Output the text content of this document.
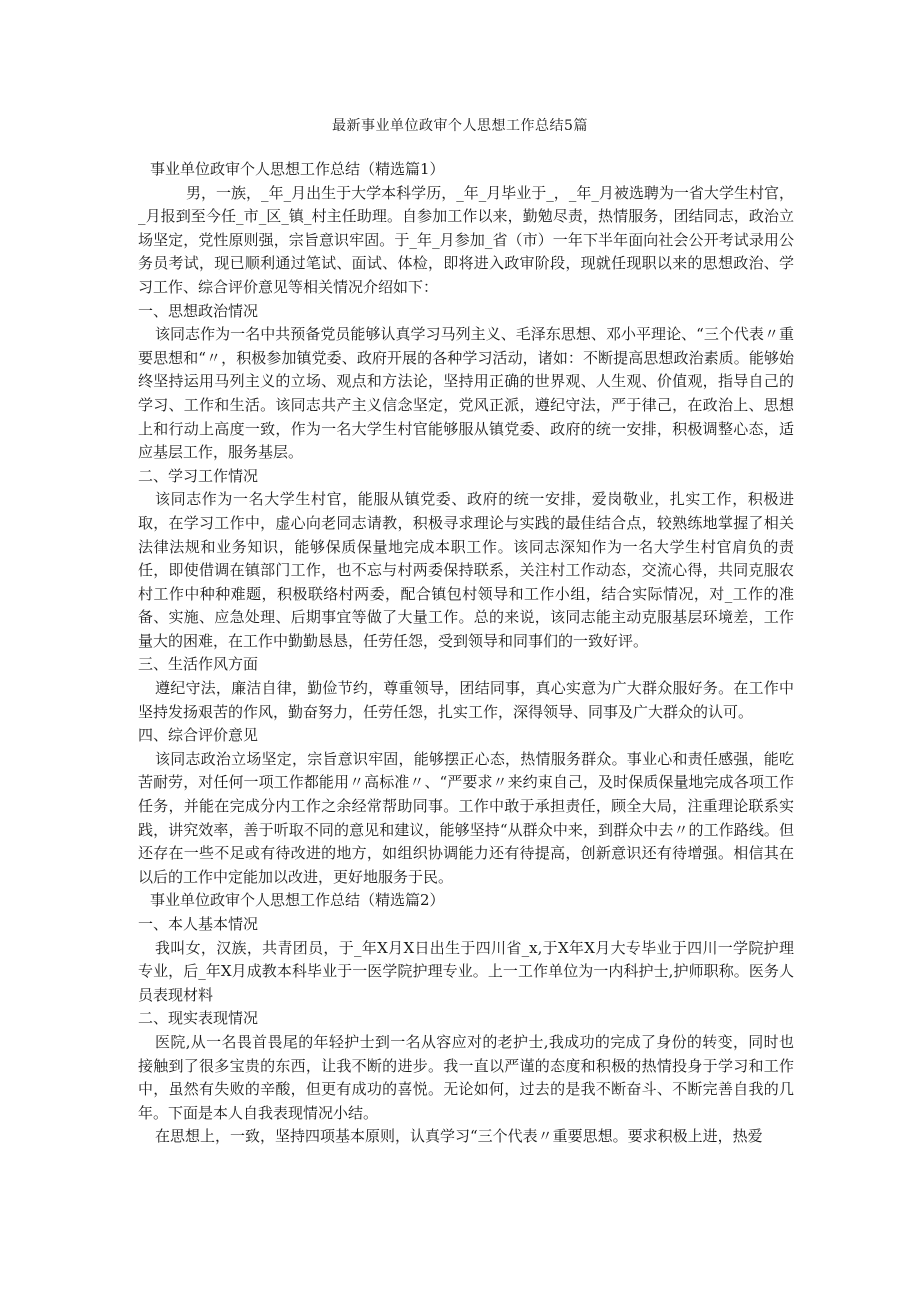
最新事业单位政审个人思想工作总结5篇

事业单位政审个人思想工作总结（精选篇1）

男，一族，_年_月出生于大学本科学历，_年_月毕业于_，_年_月被选聘为一省大学生村官，_月报到至今任_市_区_镇_村主任助理。自参加工作以来，勤勉尽责，热情服务，团结同志，政治立场坚定，党性原则强，宗旨意识牢固。于_年_月参加_省（市）一年下半年面向社会公开考试录用公务员考试，现已顺利通过笔试、面试、体检，即将进入政审阶段，现就任现职以来的思想政治、学习工作、综合评价意见等相关情况介绍如下：

一、思想政治情况

该同志作为一名中共预备党员能够认真学习马列主义、毛泽东思想、邓小平理论、“三个代表〃重要思想和“〃，积极参加镇党委、政府开展的各种学习活动，诸如：不断提高思想政治素质。能够始终坚持运用马列主义的立场、观点和方法论，坚持用正确的世界观、人生观、价值观，指导自己的学习、工作和生活。该同志共产主义信念坚定，党风正派，遵纪守法，严于律己，在政治上、思想上和行动上高度一致，作为一名大学生村官能够服从镇党委、政府的统一安排，积极调整心态，适应基层工作，服务基层。

二、学习工作情况

该同志作为一名大学生村官，能服从镇党委、政府的统一安排，爱岗敬业，扎实工作，积极进取，在学习工作中，虚心向老同志请教，积极寻求理论与实践的最佳结合点，较熟练地掌握了相关法律法规和业务知识，能够保质保量地完成本职工作。该同志深知作为一名大学生村官肩负的责任，即使借调在镇部门工作，也不忘与村两委保持联系，关注村工作动态，交流心得，共同克服农村工作中种种难题，积极联络村两委，配合镇包村领导和工作小组，结合实际情况，对_工作的准备、实施、应急处理、后期事宜等做了大量工作。总的来说，该同志能主动克服基层环境差，工作量大的困难，在工作中勤勤恳恳，任劳任怨，受到领导和同事们的一致好评。

三、生活作风方面

遵纪守法，廉洁自律，勤俭节约，尊重领导，团结同事，真心实意为广大群众服好务。在工作中坚持发扬艰苦的作风，勤奋努力，任劳任怨，扎实工作，深得领导、同事及广大群众的认可。

四、综合评价意见

该同志政治立场坚定，宗旨意识牢固，能够摆正心态，热情服务群众。事业心和责任感强，能吃苦耐劳，对任何一项工作都能用〃高标准〃、“严要求〃来约束自己，及时保质保量地完成各项工作任务，并能在完成分内工作之余经常帮助同事。工作中敢于承担责任，顾全大局，注重理论联系实践，讲究效率，善于听取不同的意见和建议，能够坚持“从群众中来，到群众中去〃的工作路线。但还存在一些不足或有待改进的地方，如组织协调能力还有待提高，创新意识还有待增强。相信其在以后的工作中定能加以改进，更好地服务于民。

事业单位政审个人思想工作总结（精选篇2）

一、本人基本情况

我叫女，汉族，共青团员，于_年X月X日出生于四川省_x,于X年X月大专毕业于四川一学院护理专业，后_年X月成教本科毕业于一医学院护理专业。上一工作单位为一内科护士,护师职称。医务人员表现材料

二、现实表现情况

医院,从一名畏首畏尾的年轻护士到一名从容应对的老护士,我成功的完成了身份的转变，同时也接触到了很多宝贵的东西，让我不断的进步。我一直以严谨的态度和积极的热情投身于学习和工作中，虽然有失败的辛酸，但更有成功的喜悦。无论如何，过去的是我不断奋斗、不断完善自我的几年。下面是本人自我表现情况小结。

在思想上，一致，坚持四项基本原则，认真学习“三个代表〃重要思想。要求积极上进，热爱
